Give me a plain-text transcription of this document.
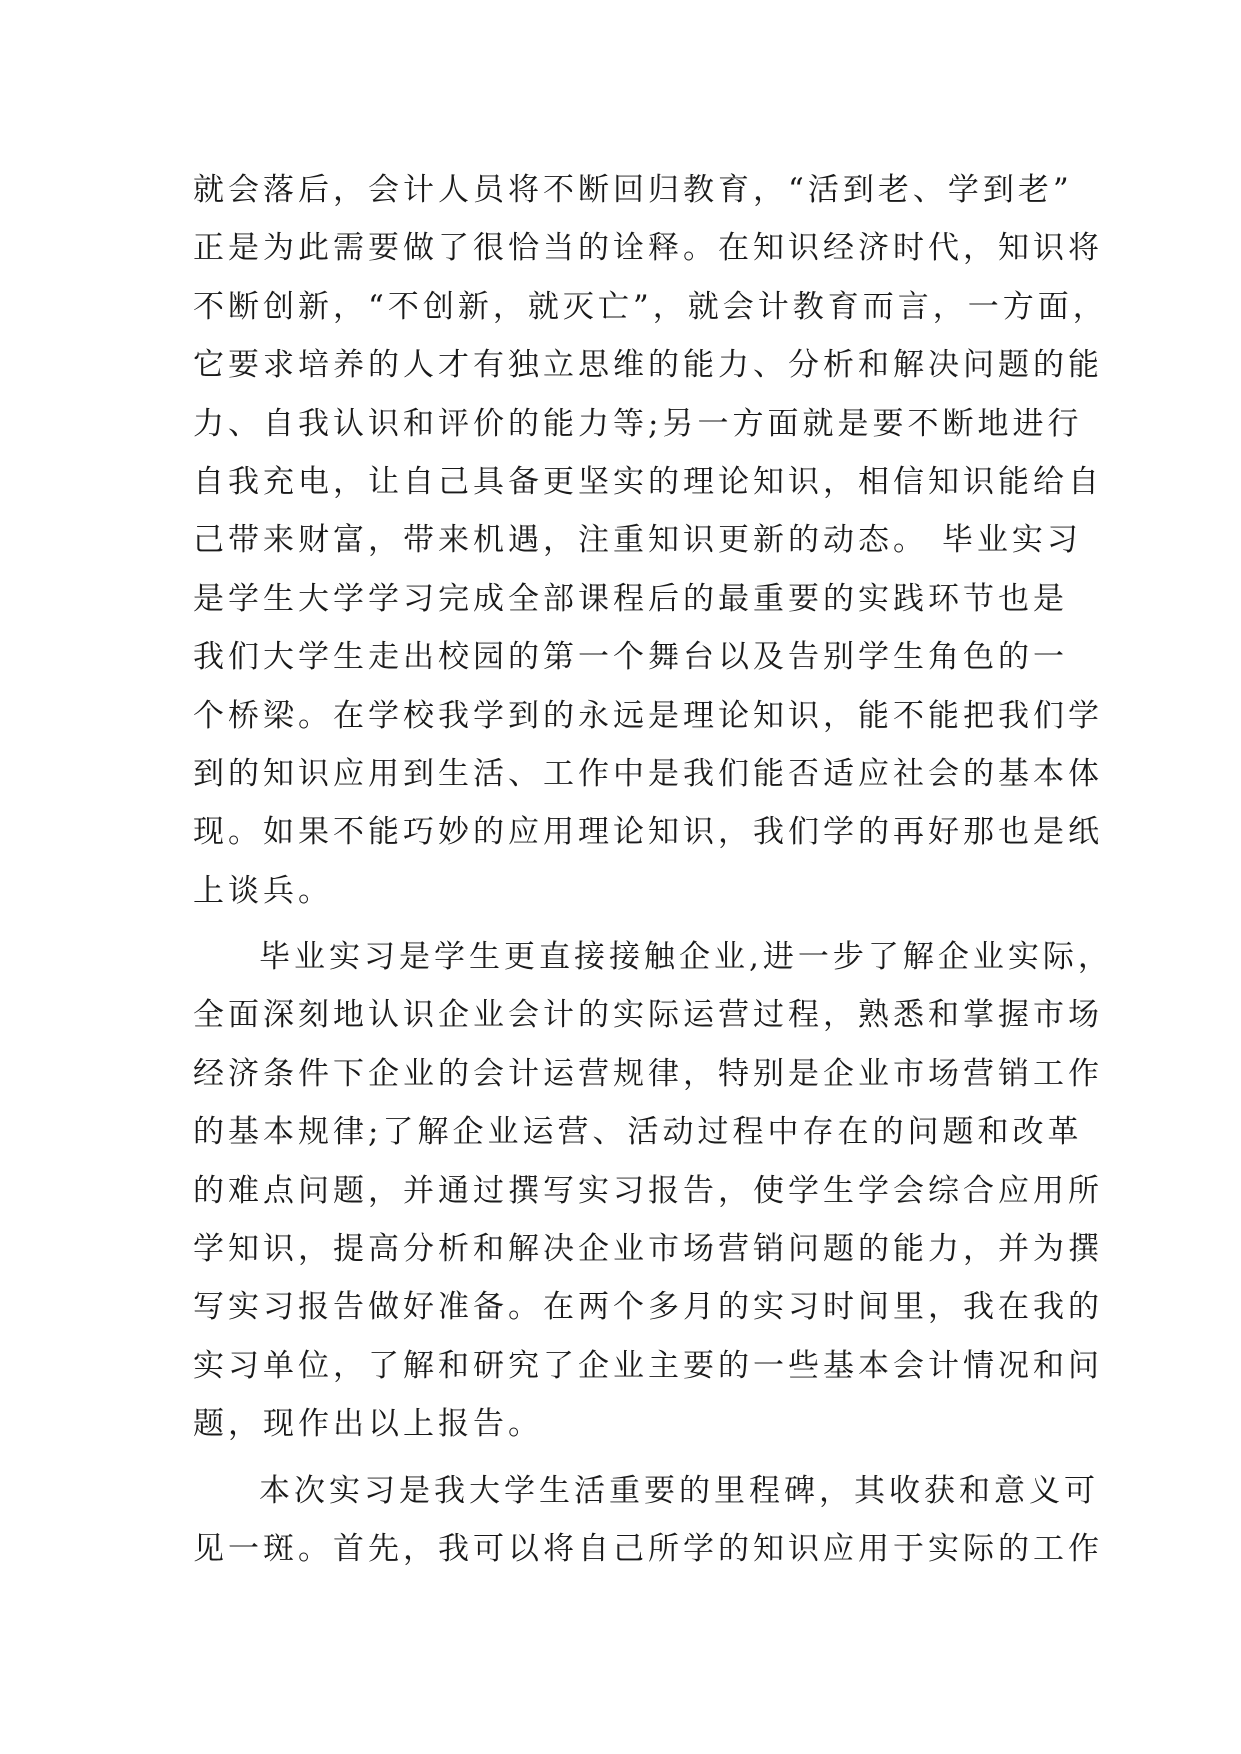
就会落后，会计人员将不断回归教育，“活到老、学到老”
正是为此需要做了很恰当的诠释。在知识经济时代，知识将
不断创新，“不创新，就灭亡”，就会计教育而言，一方面，
它要求培养的人才有独立思维的能力、分析和解决问题的能
力、自我认识和评价的能力等;另一方面就是要不断地进行
自我充电，让自己具备更坚实的理论知识，相信知识能给自
己带来财富，带来机遇，注重知识更新的动态。 毕业实习
是学生大学学习完成全部课程后的最重要的实践环节也是
我们大学生走出校园的第一个舞台以及告别学生角色的一
个桥梁。在学校我学到的永远是理论知识，能不能把我们学
到的知识应用到生活、工作中是我们能否适应社会的基本体
现。如果不能巧妙的应用理论知识，我们学的再好那也是纸
上谈兵。
毕业实习是学生更直接接触企业,进一步了解企业实际，
全面深刻地认识企业会计的实际运营过程，熟悉和掌握市场
经济条件下企业的会计运营规律，特别是企业市场营销工作
的基本规律;了解企业运营、活动过程中存在的问题和改革
的难点问题，并通过撰写实习报告，使学生学会综合应用所
学知识，提高分析和解决企业市场营销问题的能力，并为撰
写实习报告做好准备。在两个多月的实习时间里，我在我的
实习单位，了解和研究了企业主要的一些基本会计情况和问
题，现作出以上报告。
本次实习是我大学生活重要的里程碑，其收获和意义可
见一斑。首先，我可以将自己所学的知识应用于实际的工作
